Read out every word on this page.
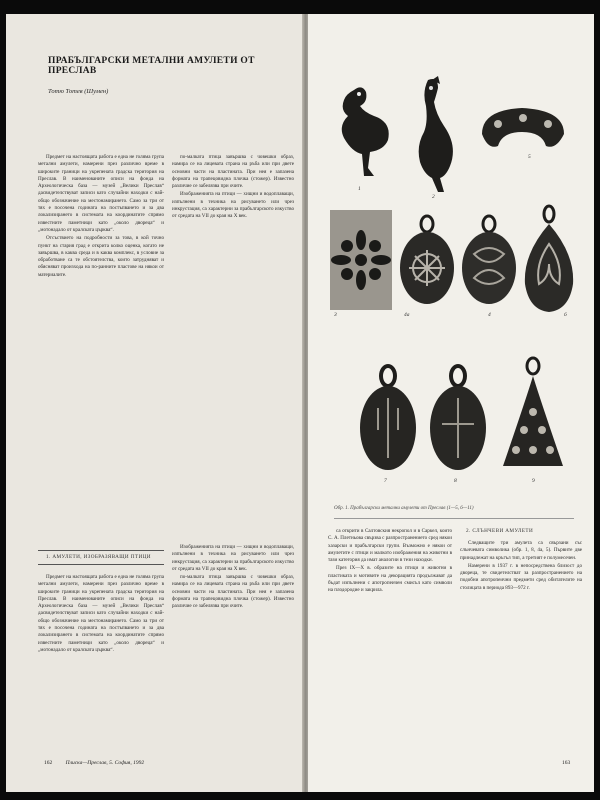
ПРАБЪЛГАРСКИ МЕТАЛНИ АМУЛЕТИ ОТ ПРЕСЛАВ
Тотю Тотев (Шумен)

Предмет на настоящата работа е една не голяма група метални амулети, намерени през различно време в широките граници на укрепената градска територия на Преслав. В наименованите описи на фонда на Археологическа база — музей „Велики Преслав“ дасвидетелствуват записи като случайни находки с най-общо обозначение на местонамирането. Само за три от тях е посочена годината на постъпването и за два локализирането в системата на координатите спрямо известните паметници като „около двореца“ и „мотонадало от кралската църква“.

Отсъствието на подробности за това, в кой точно пункт на стария град е открита колко оценка, когато не завършва, в каква среда и в каква комплекс, в условие за обработване са те обстоятелства, които затрудняват и обясняват произхода на по-ранните пластове на някои от материалите.

по-малката птица завършва с човешки образ, намира се на лицевата страна на ръба или при двете основни части на пластината. При нея е запазена формата на трапецовидна плочка (стожер). Известно различие се забелязва при очите.

Изображенията на птици — хищни и водоплаващи, изпълнени в техника на рисуването или чрез инкрустация, са характерни за прабългарското изкуство от средата на VII до края на X век.

1. АМУЛЕТИ, ИЗОБРАЗЯВАЩИ ПТИЦИ

Предмет на настоящата работа е една не голяма група метални амулети, намерени през различно време в широките граници на укрепената градска територия на Преслав. В наименованите описи на фонда на Археологическа база — музей „Велики Преслав“ дасвидетелствуват записи като случайни находки с най-общо обозначение на местонамирането. Само за три от тях е посочена годината на постъпването и за два локализирането в системата на координатите спрямо известните паметници като „около двореца“ и „мотонадало от кралската църква“.

Изображенията на птици — хищни и водоплаващи, изпълнени в техника на рисуването или чрез инкрустация, са характерни за прабългарското изкуство от средата на VII до края на X век.

по-малката птица завършва с човешки образ, намира се на лицевата страна на ръба или при двете основни части на пластината. При нея е запазена формата на трапецовидна плочка (стожер). Известно различие се забелязва при очите.

162 Плиска—Преслав, 5. София, 1992
1
2
5
3	4а	4	6
7	8	9
Обр. 1. Прабългарски метални амулети от Преслав (1—5, 6—11)

са открити в Салтовския некропол и в Саркел, които С. А. Плетньова свързва с разпространението сред някои хазарски и прабългарски групи. Възможно е някои от амулетите с птици и малкото изображения на животни в тази категория да имат аналогии в тези находки.

През IX—X в. образите на птици и животни в пластиката и мотивите на декорацията продължават да бъдат изпълнени с апотропеичен смисъл като символи на плодородие и закрила.

2. СЛЪНЧЕВИ АМУЛЕТИ

Следващите три амулета са свързани със слънчевата символика (обр. 1, 8, 4а, 5). Първите две принадлежат на кръгъл тип, а третият е полумесечен.

Намерени в 1937 г. в непосредствена близост до двореца, те свидетелстват за разпространението на подобни апотропеични предмети сред обитателите на столицата в периода 893—972 г.

163
